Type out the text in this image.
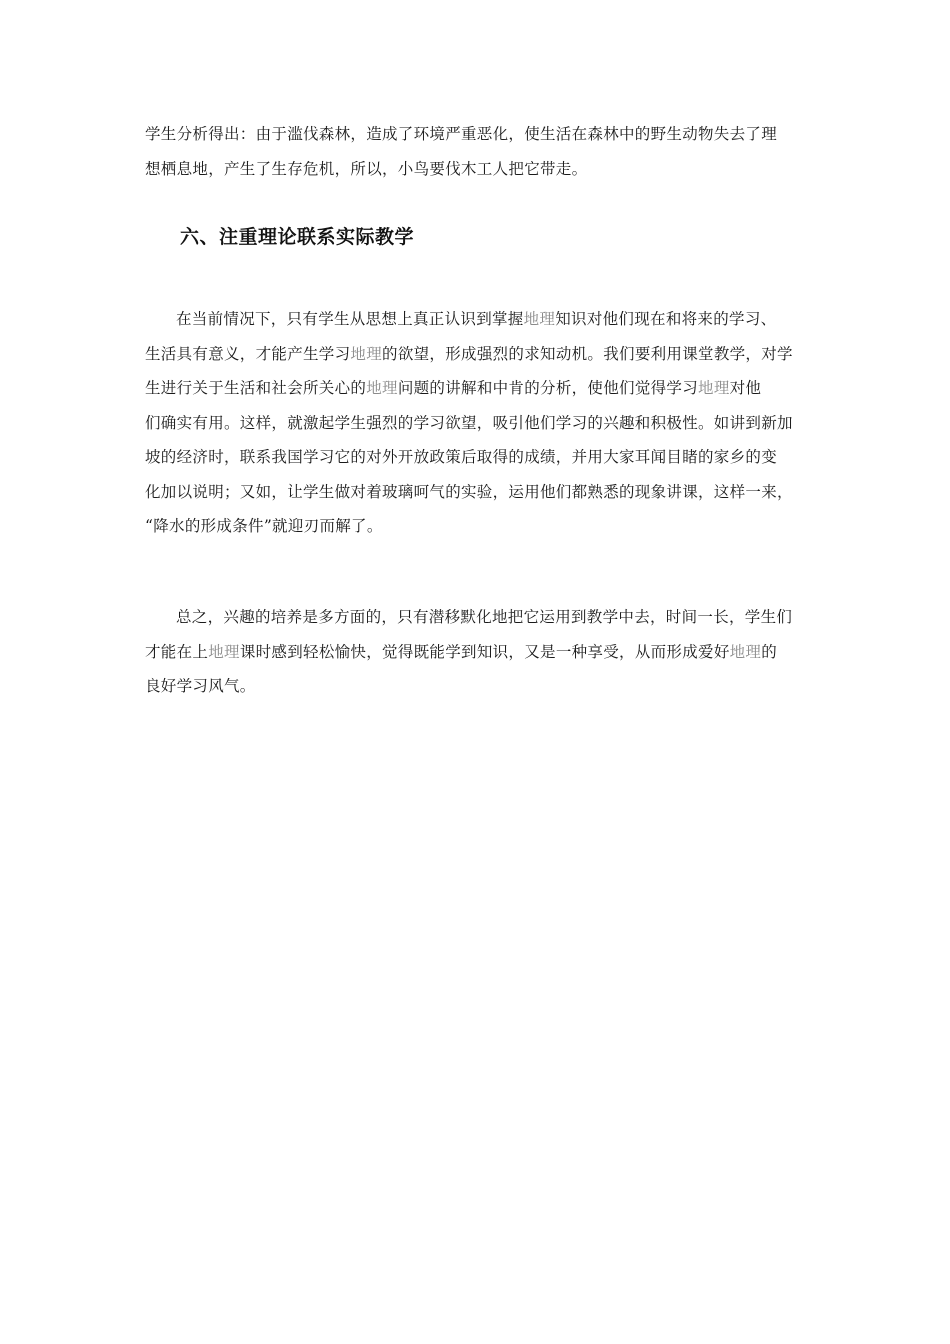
学生分析得出：由于滥伐森林，造成了环境严重恶化，使生活在森林中的野生动物失去了理
想栖息地，产生了生存危机，所以，小鸟要伐木工人把它带走。

六、注重理论联系实际教学

在当前情况下，只有学生从思想上真正认识到掌握地理知识对他们现在和将来的学习、
生活具有意义，才能产生学习地理的欲望，形成强烈的求知动机。我们要利用课堂教学，对学
生进行关于生活和社会所关心的地理问题的讲解和中肯的分析，使他们觉得学习地理对他
们确实有用。这样，就激起学生强烈的学习欲望，吸引他们学习的兴趣和积极性。如讲到新加
坡的经济时，联系我国学习它的对外开放政策后取得的成绩，并用大家耳闻目睹的家乡的变
化加以说明；又如，让学生做对着玻璃呵气的实验，运用他们都熟悉的现象讲课，这样一来，
“降水的形成条件”就迎刃而解了。

总之，兴趣的培养是多方面的，只有潜移默化地把它运用到教学中去，时间一长，学生们
才能在上地理课时感到轻松愉快，觉得既能学到知识，又是一种享受，从而形成爱好地理的
良好学习风气。
